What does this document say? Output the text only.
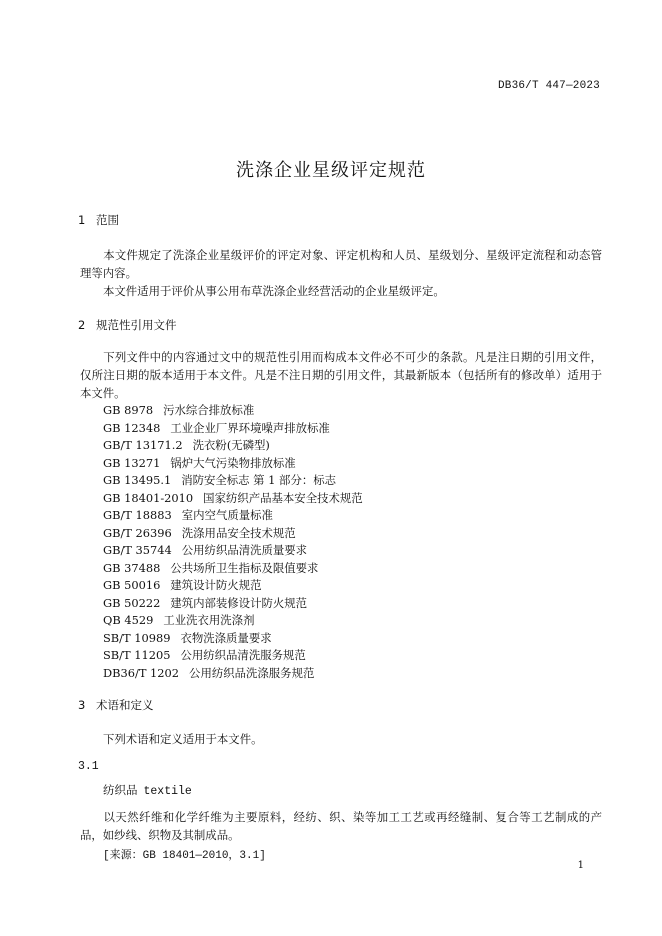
DB36/T 447—2023
洗涤企业星级评定规范
1 范围
本文件规定了洗涤企业星级评价的评定对象、评定机构和人员、星级划分、星级评定流程和动态管理等内容。
本文件适用于评价从事公用布草洗涤企业经营活动的企业星级评定。
2 规范性引用文件
下列文件中的内容通过文中的规范性引用而构成本文件必不可少的条款。凡是注日期的引用文件，仅所注日期的版本适用于本文件。凡是不注日期的引用文件，其最新版本（包括所有的修改单）适用于本文件。
GB 8978 污水综合排放标准
GB 12348 工业企业厂界环境噪声排放标准
GB/T 13171.2 洗衣粉(无磷型)
GB 13271 锅炉大气污染物排放标准
GB 13495.1 消防安全标志 第 1 部分：标志
GB 18401-2010 国家纺织产品基本安全技术规范
GB/T 18883 室内空气质量标准
GB/T 26396 洗涤用品安全技术规范
GB/T 35744 公用纺织品清洗质量要求
GB 37488 公共场所卫生指标及限值要求
GB 50016 建筑设计防火规范
GB 50222 建筑内部装修设计防火规范
QB 4529 工业洗衣用洗涤剂
SB/T 10989 衣物洗涤质量要求
SB/T 11205 公用纺织品清洗服务规范
DB36/T 1202 公用纺织品洗涤服务规范
3 术语和定义
下列术语和定义适用于本文件。
3.1
纺织品 textile
以天然纤维和化学纤维为主要原料，经纺、织、染等加工工艺或再经缝制、复合等工艺制成的产品，如纱线、织物及其制成品。
[来源：GB 18401—2010，3.1]
1
